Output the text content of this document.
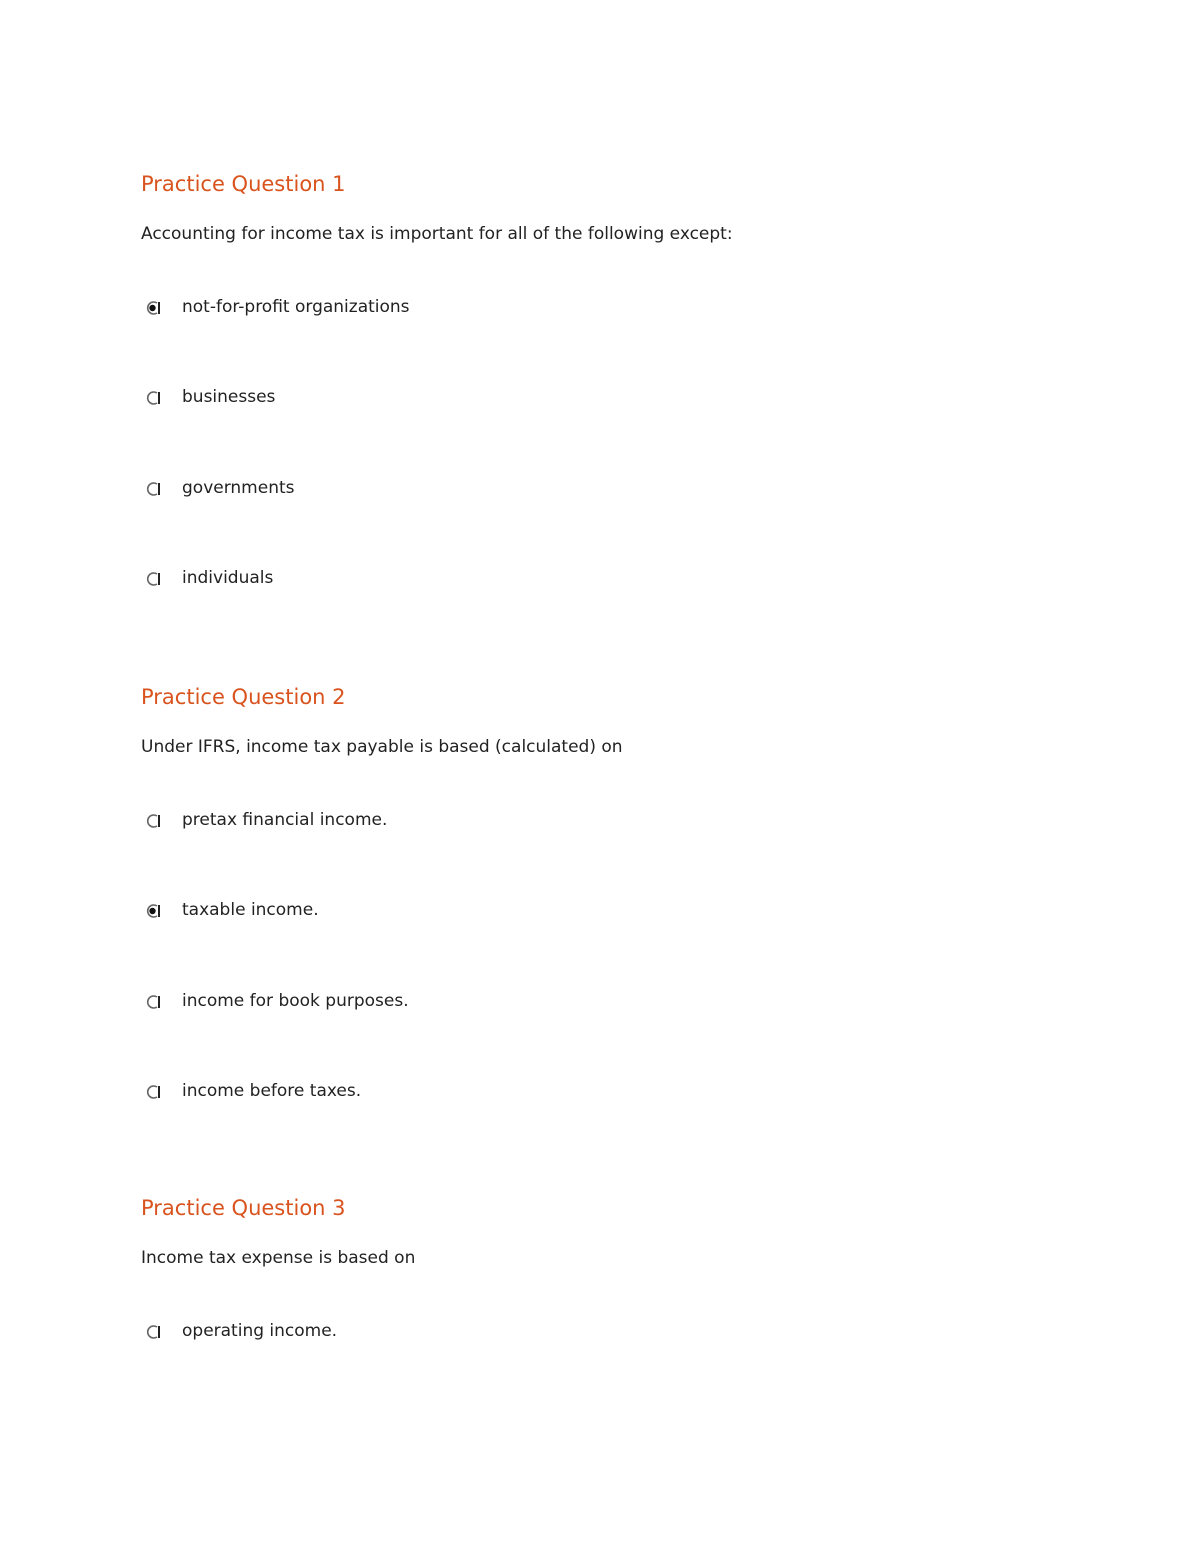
Practice Question 1
Accounting for income tax is important for all of the following except:
not-for-profit organizations
businesses
governments
individuals
Practice Question 2
Under IFRS, income tax payable is based (calculated) on
pretax financial income.
taxable income.
income for book purposes.
income before taxes.
Practice Question 3
Income tax expense is based on
operating income.
